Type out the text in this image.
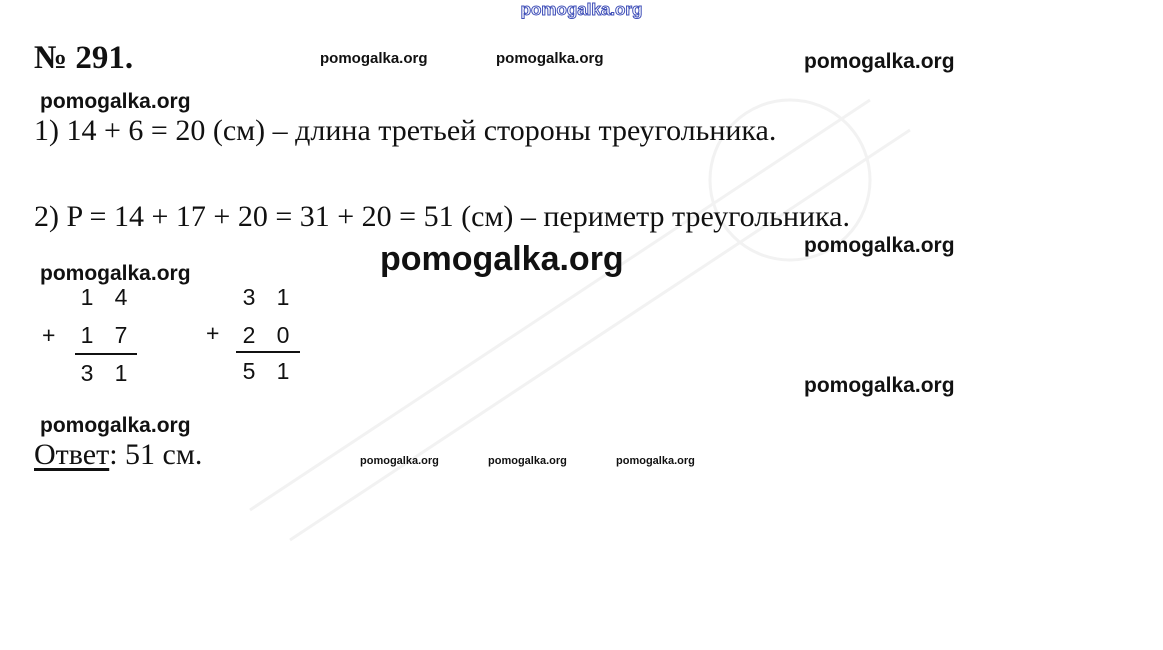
pomogalka.org
№ 291.	pomogalka.org	pomogalka.org	pomogalka.org
pomogalka.org
1) 14 + 6 = 20 (см) – длина третьей стороны треугольника.
2) P = 14 + 17 + 20 = 31 + 20 = 51 (см) – периметр треугольника.
pomogalka.org
pomogalka.org
pomogalka.org
1 4
+	1 7
3 1
3 1
+	2 0
5 1
pomogalka.org
pomogalka.org
Ответ: 51 см.	pomogalka.org	pomogalka.org	pomogalka.org
